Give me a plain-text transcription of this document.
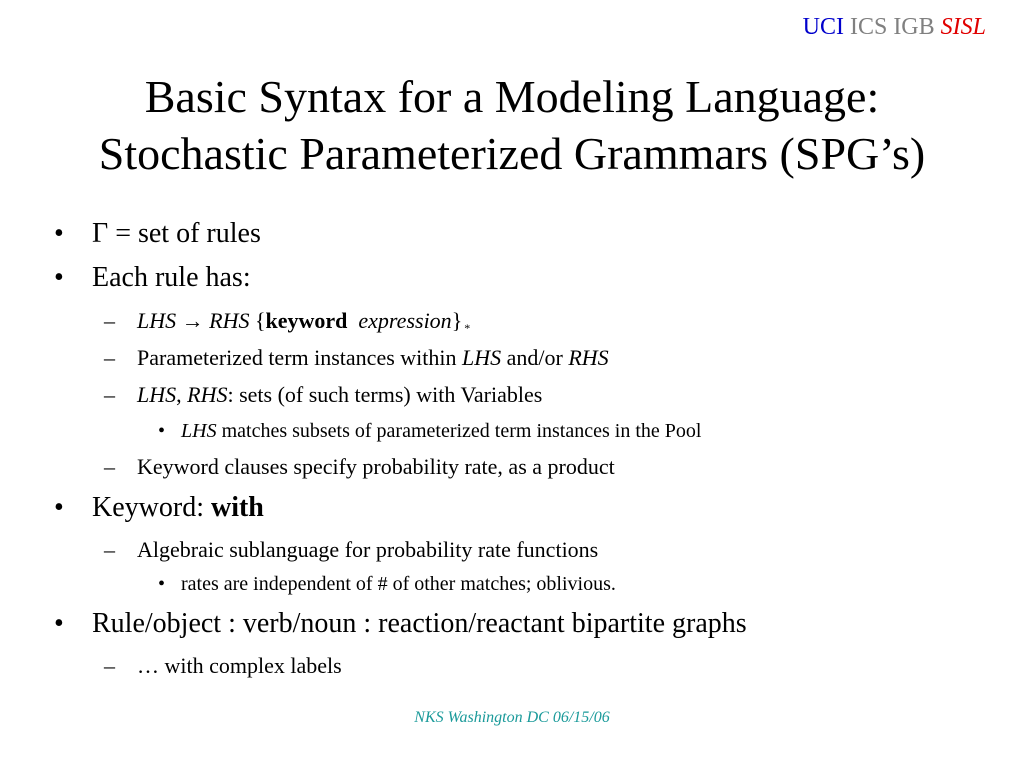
UCI ICS IGB SISL
Basic Syntax for a Modeling Language:
Stochastic Parameterized Grammars (SPG’s)
• Γ = set of rules
• Each rule has:
– LHS → RHS {keyword expression} $_*$
– Parameterized term instances within LHS and/or RHS
– LHS, RHS: sets (of such terms) with Variables
• LHS matches subsets of parameterized term instances in the Pool
– Keyword clauses specify probability rate, as a product
• Keyword: with
– Algebraic sublanguage for probability rate functions
• rates are independent of # of other matches; oblivious.
• Rule/object : verb/noun : reaction/reactant bipartite graphs
– … with complex labels
NKS Washington DC 06/15/06
